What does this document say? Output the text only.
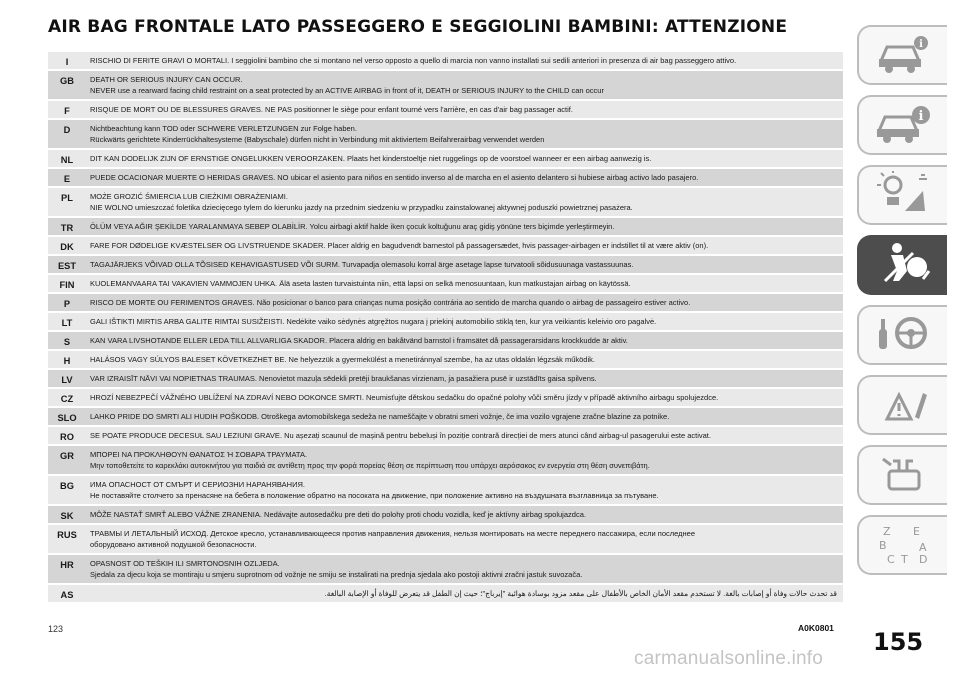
AIR BAG FRONTALE LATO PASSEGGERO E SEGGIOLINI BAMBINI: ATTENZIONE
I	RISCHIO DI FERITE GRAVI O MORTALI. I seggiolini bambino che si montano nel verso opposto a quello di marcia non vanno installati sui sedili anteriori in presenza di air bag passeggero attivo.
GB	DEATH OR SERIOUS INJURY CAN OCCUR.
NEVER use a rearward facing child restraint on a seat protected by an ACTIVE AIRBAG in front of it, DEATH or SERIOUS INJURY to the CHILD can occur
F	RISQUE DE MORT OU DE BLESSURES GRAVES. NE PAS positionner le siège pour enfant tourné vers l'arrière, en cas d'air bag passager actif.
D	Nichtbeachtung kann TOD oder SCHWERE VERLETZUNGEN zur Folge haben.
Rückwärts gerichtete Kinderrückhaltesysteme (Babyschale) dürfen nicht in Verbindung mit aktiviertem Beifahrerairbag verwendet werden
NL	DIT KAN DODELIJK ZIJN OF ERNSTIGE ONGELUKKEN VEROORZAKEN. Plaats het kinderstoeltje niet ruggelings op de voorstoel wanneer er een airbag aanwezig is.
E	PUEDE OCACIONAR MUERTE O HERIDAS GRAVES. NO ubicar el asiento para niños en sentido inverso al de marcha en el asiento delantero si hubiese airbag activo lado pasajero.
PL	MOŻE GROZIĆ ŚMIERCIA LUB CIEŻKIMI OBRAŻENIAMI.
NIE WOLNO umieszczać foletika dziecięcego tylem do kierunku jazdy na przednim siedzeniu w przypadku zainstalowanej aktywnej poduszki powietrznej pasażera.
TR	ÖLÜM VEYA AĞIR ŞEKİLDE YARALANMAYA SEBEP OLABİLİR. Yolcu airbagi aktif halde iken çocuk koltuğunu araç gidiş yönüne ters biçimde yerleştirmeyin.
DK	FARE FOR DØDELIGE KVÆSTELSER OG LIVSTRUENDE SKADER. Placer aldrig en bagudvendt barnestol på passagersædet, hvis passager-airbagen er indstillet til at være aktiv (on).
EST	TAGAJÄRJEKS VÕIVAD OLLA TÕSISED KEHAVIGASTUSED VÕI SURM. Turvapadja olemasolu korral ärge asetage lapse turvatooli sõidusuunaga vastassuunas.
FIN	KUOLEMANVAARA TAI VAKAVIEN VAMMOJEN UHKA. Älä aseta lasten turvaistuinta niin, että lapsi on selkä menosuuntaan, kun matkustajan airbag on käytössä.
P	RISCO DE MORTE OU FERIMENTOS GRAVES. Não posicionar o banco para crianças numa posição contrária ao sentido de marcha quando o airbag de passageiro estiver activo.
LT	GALI IŠTIKTI MIRTIS ARBA GALITE RIMTAI SUSIŽEISTI. Nedėkite vaiko sėdynės atgręžtos nugara į priekinį automobilio stiklą ten, kur yra veikiantis keleivio oro pagalvė.
S	KAN VARA LIVSHOTANDE ELLER LEDA TILL ALLVARLIGA SKADOR. Placera aldrig en bakåtvänd barnstol i framsätet då passagerarsidans krockkudde är aktiv.
H	HALÁSOS VAGY SÚLYOS BALESET KÖVETKEZHET BE. Ne helyezzük a gyermekülést a menetiránnyal szembe, ha az utas oldalán légzsák működik.
LV	VAR IZRAISĪT NĀVI VAI NOPIETNAS TRAUMAS. Nenovietot mazuļa sēdekli pretēji braukšanas virzienam, ja pasažiera pusē ir uzstādīts gaisa spilvens.
CZ	HROZÍ NEBEZPEČÍ VÁŽNÉHO UBLÍŽENÍ NA ZDRAVÍ NEBO DOKONCE SMRTI. Neumisťujte dětskou sedačku do opačné polohy vůči směru jízdy v případě aktivního airbagu spolujezdce.
SLO	LAHKO PRIDE DO SMRTI ALI HUDIH POŠKODB. Otroškega avtomobilskega sedeža ne nameščajte v obratni smeri vožnje, če ima vozilo vgrajene zračne blazine za potnike.
RO	SE POATE PRODUCE DECESUL SAU LEZIUNI GRAVE. Nu așezați scaunul de mașină pentru bebeluși în poziție contrară direcției de mers atunci când airbag-ul pasagerului este activat.
GR	ΜΠΟΡΕΙ ΝΑ ΠΡΟΚΛΗΘΟΥΝ ΘΑΝΑΤΟΣ Ή ΣΟΒΑΡΑ ΤΡΑΥΜΑΤΑ.
Μην τοποθετείτε το καρεκλάκι αυτοκινήτου για παιδιά σε αντίθετη προς την φορά πορείας θέση σε περίπτωση που υπάρχει αερόσακος εν ενεργεία στη θέση συνεπιβάτη.
BG	ИМА ОПАСНОСТ ОТ СМЪРТ И СЕРИОЗНИ НАРАНЯВАНИЯ.
Не поставяйте столчето за пренасяне на бебета в положение обратно на посоката на движение, при положение активно на въздушната възглавница за пътуване.
SK	MÔŽE NASTAŤ SMRŤ ALEBO VÁŽNE ZRANENIA. Nedávajte autosedačku pre deti do polohy proti chodu vozidla, keď je aktívny airbag spolujazdca.
RUS	ТРАВМЫ И ЛЕТАЛЬНЫЙ ИСХОД. Детское кресло, устанавливающееся против направления движения, нельзя монтировать на месте переднего пассажира, если последнее
оборудовано активной подушкой безопасности.
HR	OPASNOST OD TEŠKIH ILI SMRTONOSNIH OZLJEDA.
Sjedala za djecu koja se montiraju u smjeru suprotnom od vožnje ne smiju se instalirati na prednja sjedala ako postoji aktivni zračni jastuk suvozača.
AS	قد تحدث حالات وفاة أو إصابات بالغة. لا تستخدم مقعد الأمان الخاص بالأطفال على مقعد مزود بوسادة هوائية "إيرباج"؛ حيث إن الطفل قد يتعرض للوفاة أو الإصابة البالغة.
i
i
Z E
B	A
C T D
123	A0K0801 155
carmanualsonline.info
